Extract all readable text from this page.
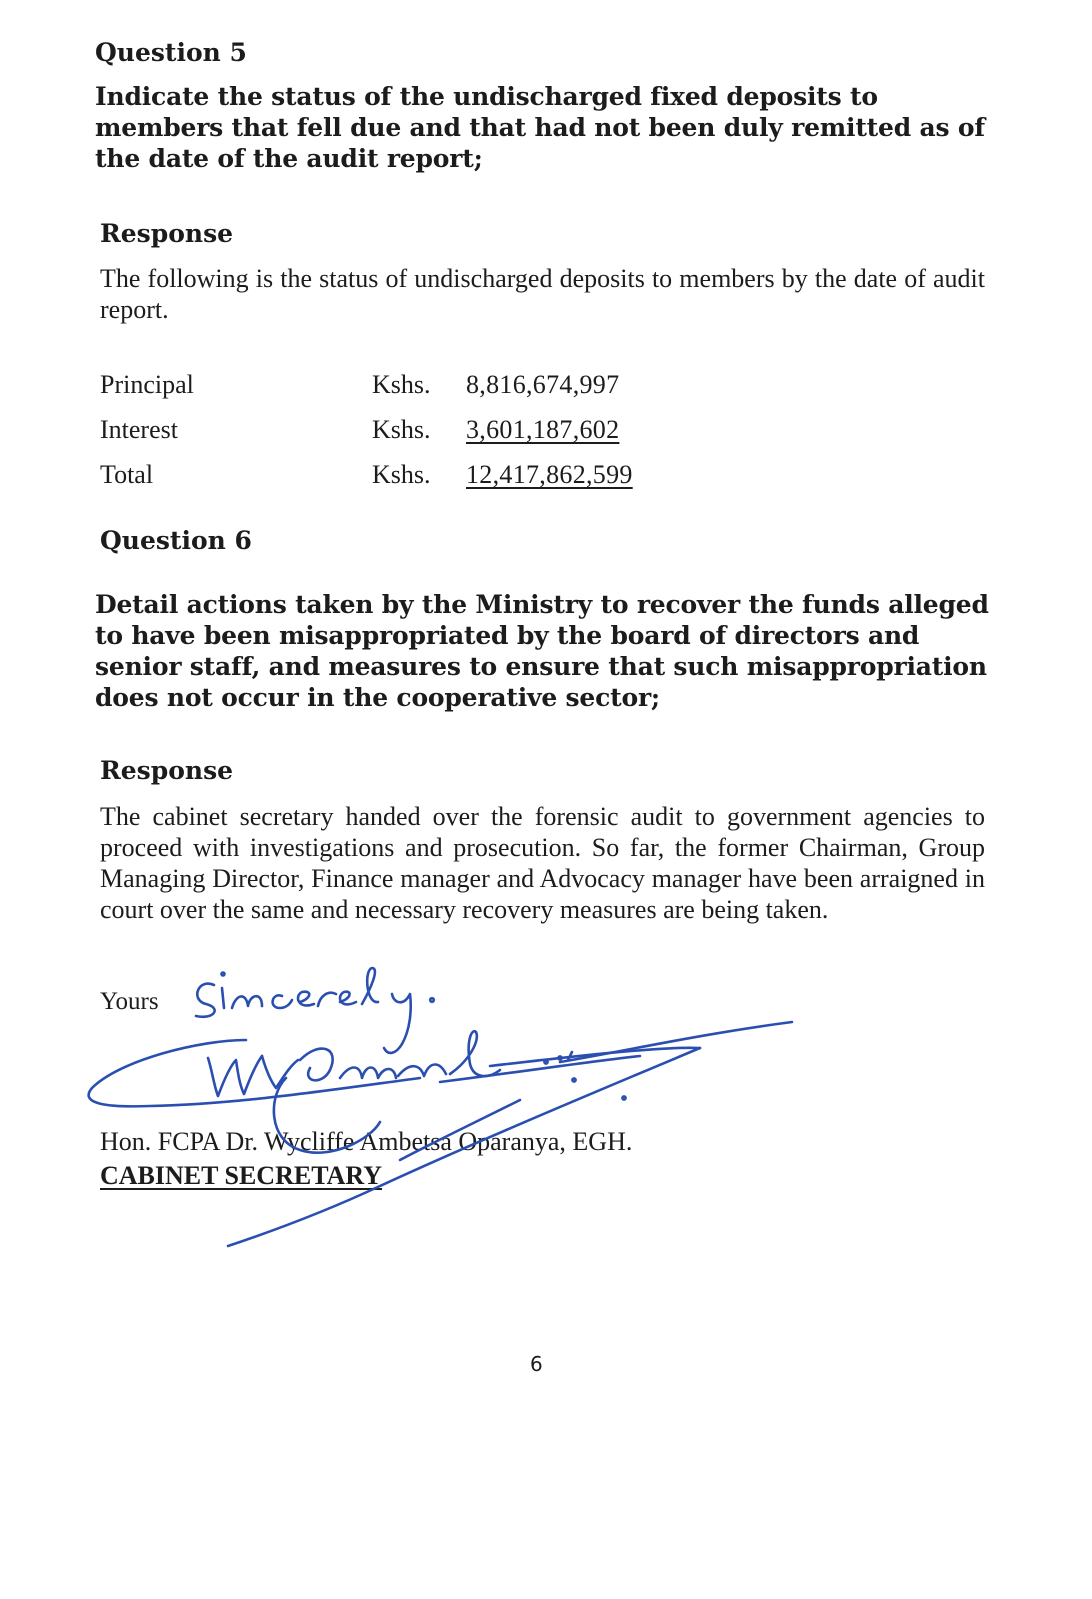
Question 5

Indicate the status of the undischarged fixed deposits to members that fell due and that had not been duly remitted as of the date of the audit report;

Response

The following is the status of undischarged deposits to members by the date of audit report.

Principal	Kshs. 8,816,674,997
Interest	Kshs. 3,601,187,602
Total	Kshs. 12,417,862,599
Question 6

Detail actions taken by the Ministry to recover the funds alleged to have been misappropriated by the board of directors and senior staff, and measures to ensure that such misappropriation does not occur in the cooperative sector;

Response

The cabinet secretary handed over the forensic audit to government agencies to proceed with investigations and prosecution. So far, the former Chairman, Group Managing Director, Finance manager and Advocacy manager have been arraigned in court over the same and necessary recovery measures are being taken.

Yours
Hon. FCPA Dr. Wycliffe Ambetsa Oparanya, EGH.
CABINET SECRETARY
6
